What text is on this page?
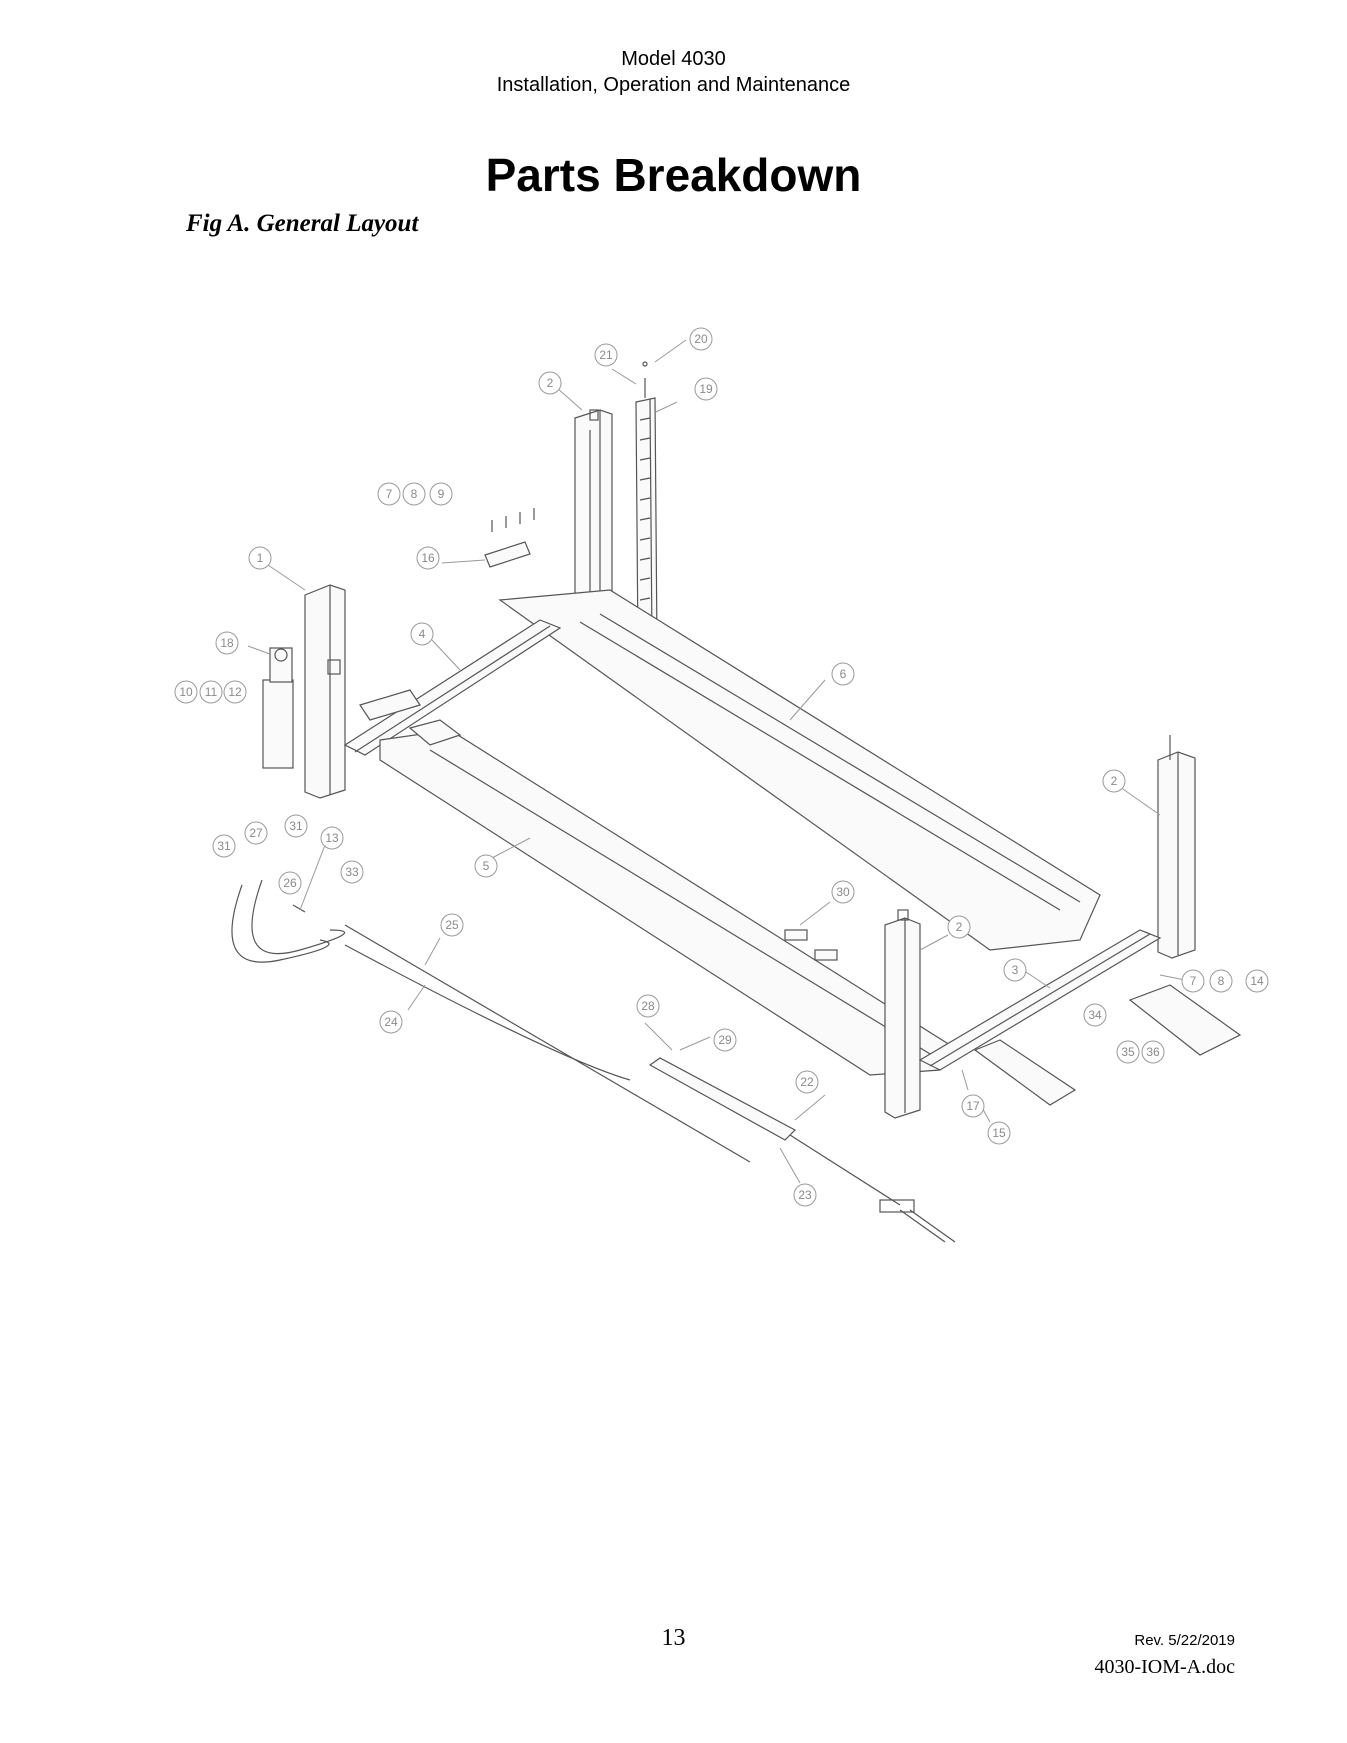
Model 4030
Installation, Operation and Maintenance
Parts Breakdown
Fig A. General Layout
20
21
19
2
7 8 9
16
1
18
4
10 11 12
6
2
5
30
2
27 31
31
13
26
33
25
24
3
7 8 14
34
35 36
28
29
22
17
15
23
13	Rev. 5/22/2019
4030-IOM-A.doc
